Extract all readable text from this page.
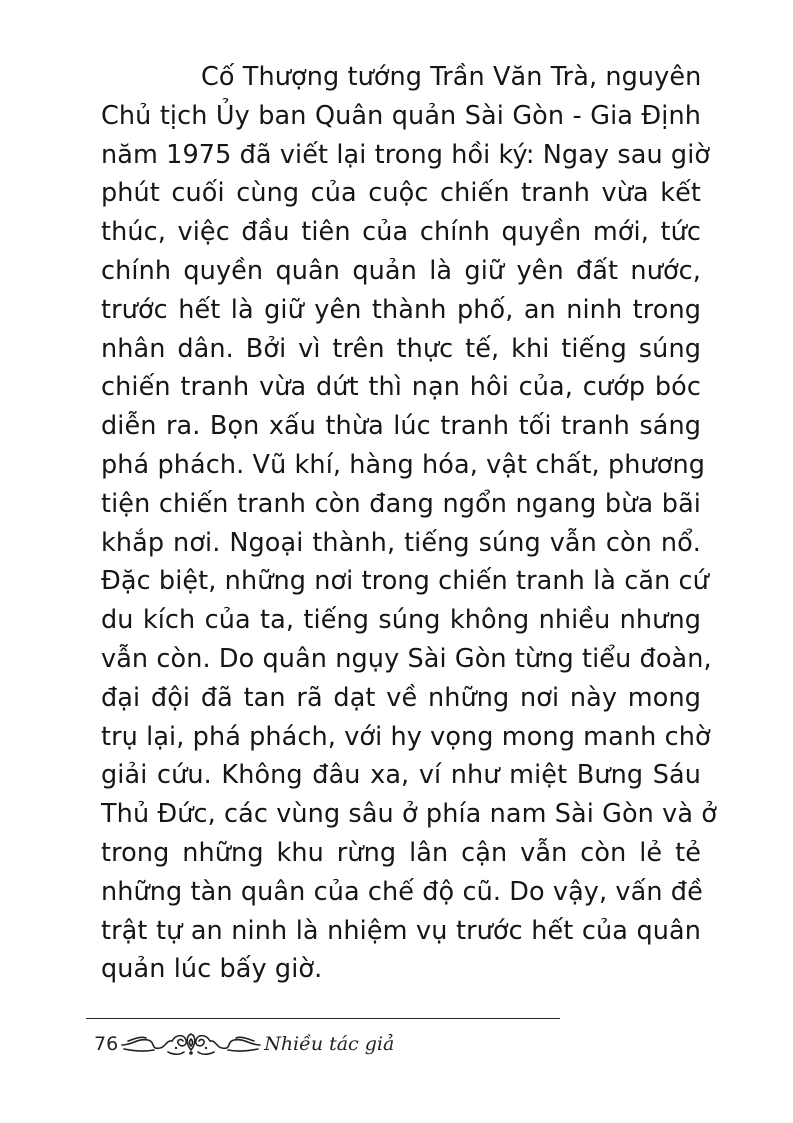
Cố Thượng tướng Trần Văn Trà, nguyên
Chủ tịch Ủy ban Quân quản Sài Gòn - Gia Định
năm 1975 đã viết lại trong hồi ký: Ngay sau giờ
phút cuối cùng của cuộc chiến tranh vừa kết
thúc, việc đầu tiên của chính quyền mới, tức
chính quyền quân quản là giữ yên đất nước,
trước hết là giữ yên thành phố, an ninh trong
nhân dân. Bởi vì trên thực tế, khi tiếng súng
chiến tranh vừa dứt thì nạn hôi của, cướp bóc
diễn ra. Bọn xấu thừa lúc tranh tối tranh sáng
phá phách. Vũ khí, hàng hóa, vật chất, phương
tiện chiến tranh còn đang ngổn ngang bừa bãi
khắp nơi. Ngoại thành, tiếng súng vẫn còn nổ.
Đặc biệt, những nơi trong chiến tranh là căn cứ
du kích của ta, tiếng súng không nhiều nhưng
vẫn còn. Do quân ngụy Sài Gòn từng tiểu đoàn,
đại đội đã tan rã dạt về những nơi này mong
trụ lại, phá phách, với hy vọng mong manh chờ
giải cứu. Không đâu xa, ví như miệt Bưng Sáu
Thủ Đức, các vùng sâu ở phía nam Sài Gòn và ở
trong những khu rừng lân cận vẫn còn lẻ tẻ
những tàn quân của chế độ cũ. Do vậy, vấn đề
trật tự an ninh là nhiệm vụ trước hết của quân
quản lúc bấy giờ.
76	Nhiều tác giả
